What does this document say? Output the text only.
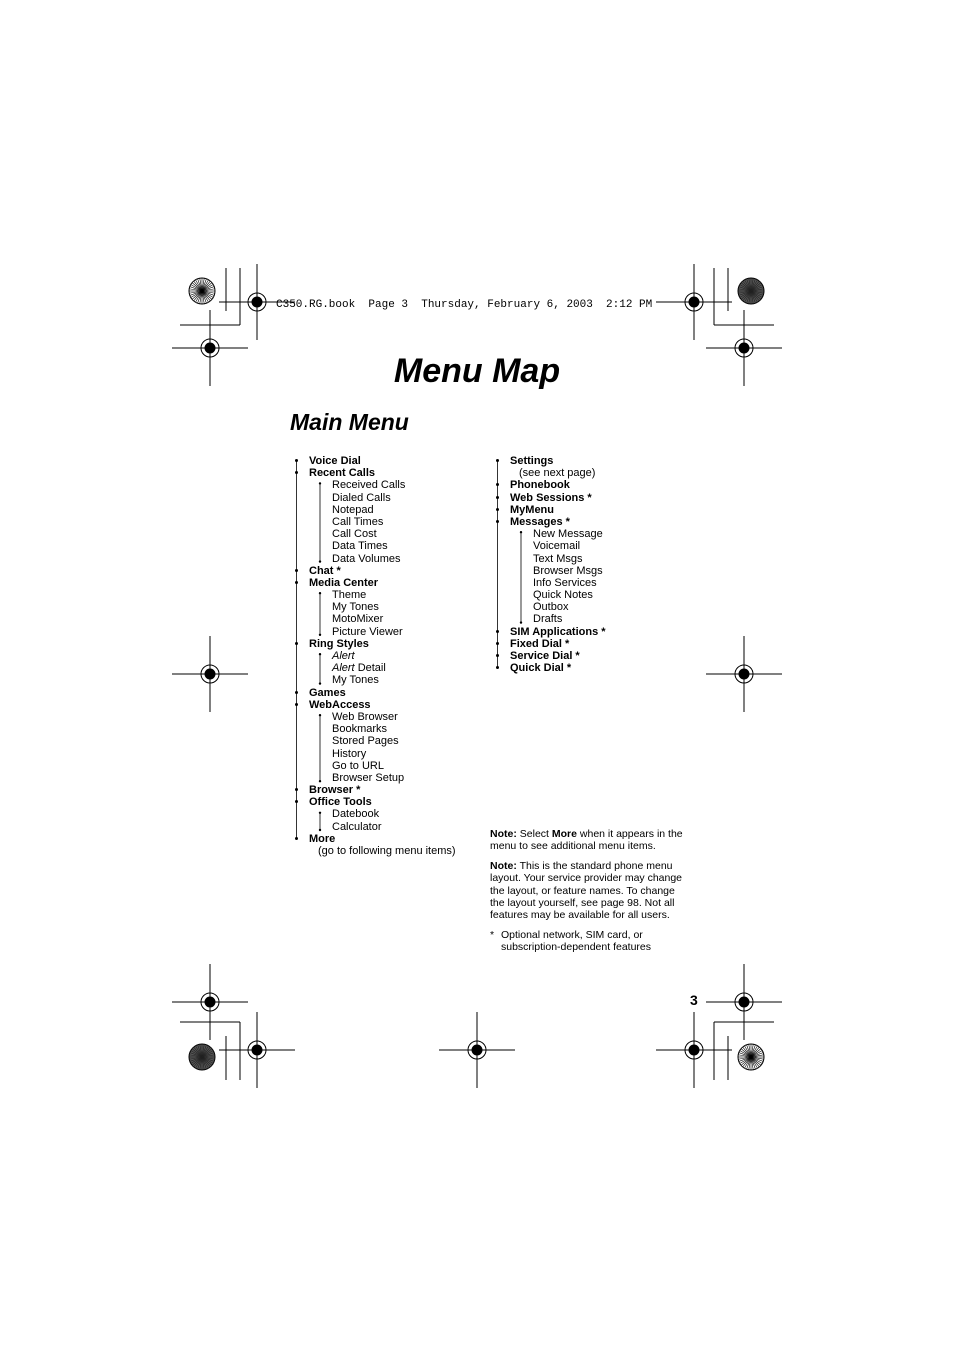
C350.RG.book  Page 3  Thursday, February 6, 2003  2:12 PM
Menu Map
Main Menu
Voice Dial
Recent Calls
Received Calls
Dialed Calls
Notepad
Call Times
Call Cost
Data Times
Data Volumes
Chat *
Media Center
Theme
My Tones
MotoMixer
Picture Viewer
Ring Styles
Alert
Alert Detail
My Tones
Games
WebAccess
Web Browser
Bookmarks
Stored Pages
History
Go to URL
Browser Setup
Browser *
Office Tools
Datebook
Calculator
More
(go to following menu items)
Settings
(see next page)
Phonebook
Web Sessions *
MyMenu
Messages *
New Message
Voicemail
Text Msgs
Browser Msgs
Info Services
Quick Notes
Outbox
Drafts
SIM Applications *
Fixed Dial *
Service Dial *
Quick Dial *

Note: Select More when it appears in the menu to see additional menu items.

Note: This is the standard phone menu layout. Your service provider may change the layout, or feature names. To change the layout yourself, see page 98. Not all features may be available for all users.

* Optional network, SIM card, or subscription-dependent features
3
